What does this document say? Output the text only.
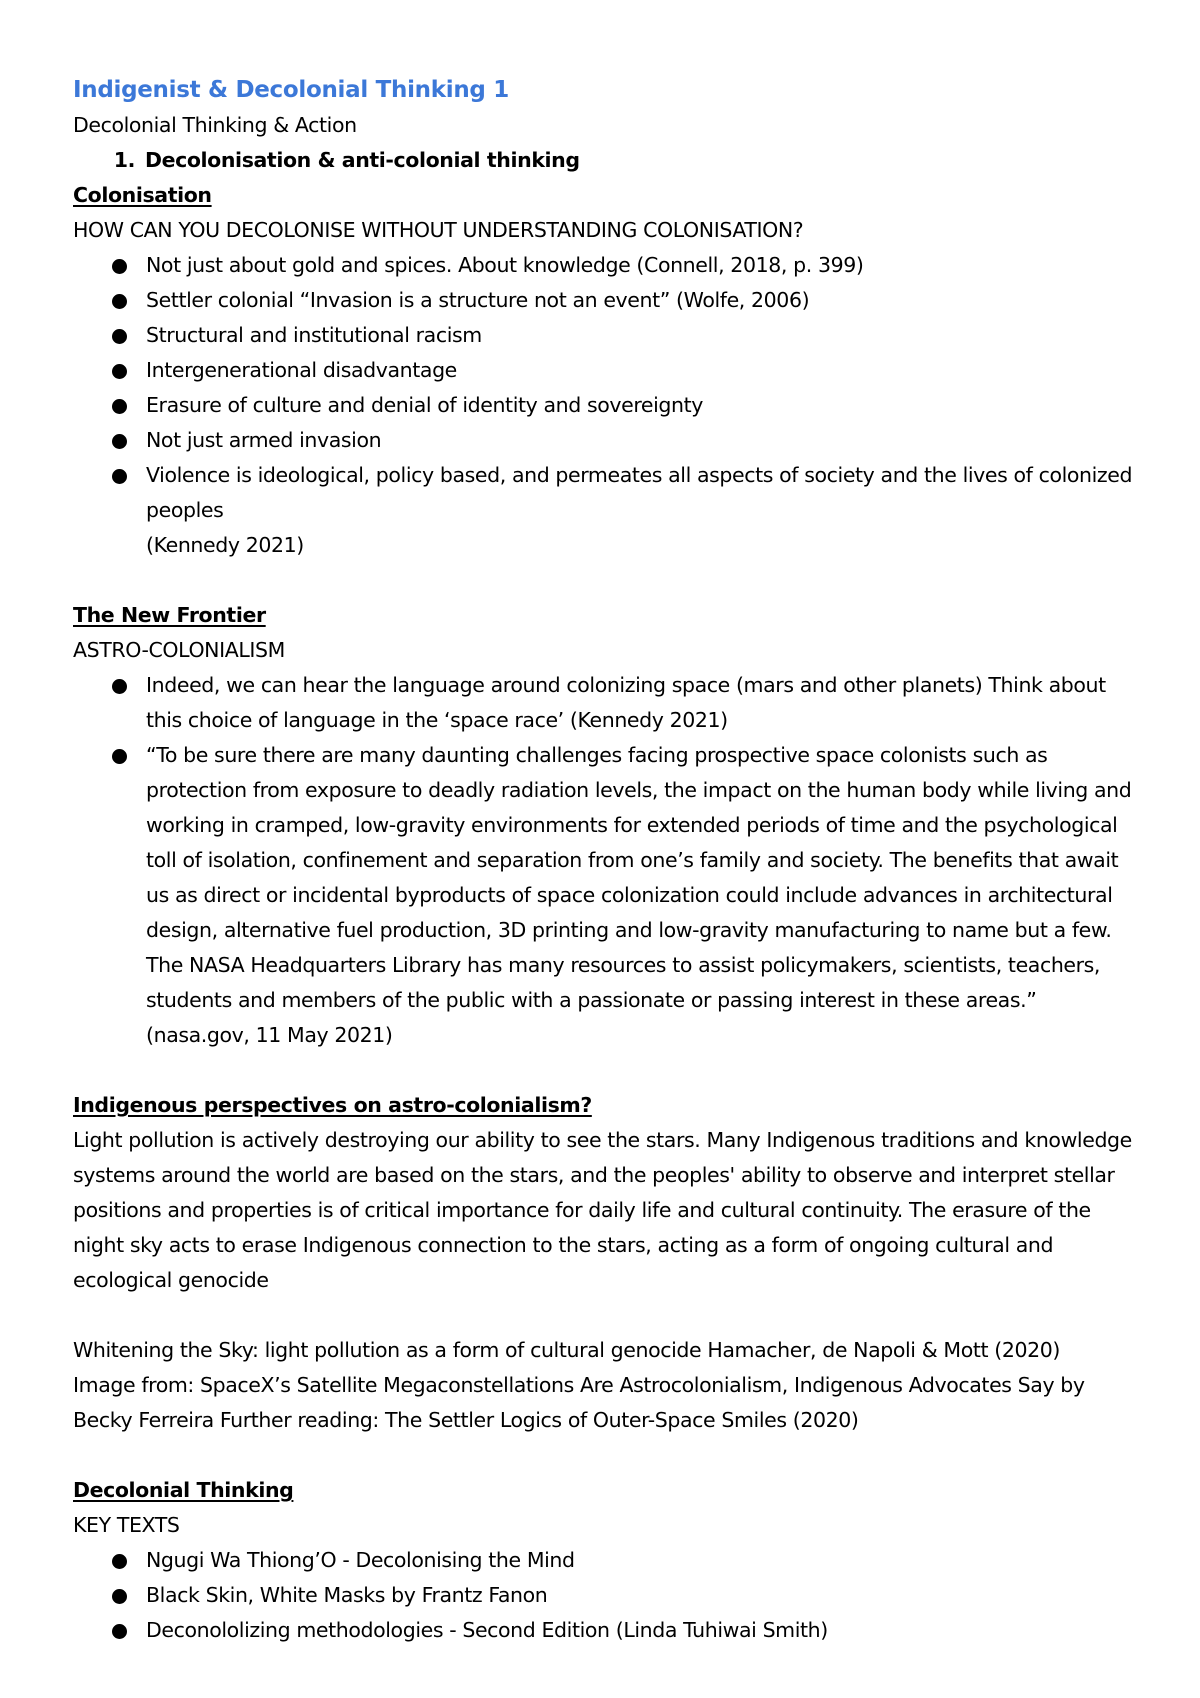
Indigenist & Decolonial Thinking 1

Decolonial Thinking & Action

1. Decolonisation & anti-colonial thinking

Colonisation

HOW CAN YOU DECOLONISE WITHOUT UNDERSTANDING COLONISATION?

Not just about gold and spices. About knowledge (Connell, 2018, p. 399)
Settler colonial “Invasion is a structure not an event” (Wolfe, 2006)
Structural and institutional racism
Intergenerational disadvantage
Erasure of culture and denial of identity and sovereignty
Not just armed invasion
Violence is ideological, policy based, and permeates all aspects of society and the lives of colonized peoples
(Kennedy 2021)

The New Frontier

ASTRO-COLONIALISM

Indeed, we can hear the language around colonizing space (mars and other planets) Think about this choice of language in the ‘space race’ (Kennedy 2021)
“To be sure there are many daunting challenges facing prospective space colonists such as protection from exposure to deadly radiation levels, the impact on the human body while living and working in cramped, low-gravity environments for extended periods of time and the psychological toll of isolation, confinement and separation from one’s family and society. The benefits that await us as direct or incidental byproducts of space colonization could include advances in architectural design, alternative fuel production, 3D printing and low-gravity manufacturing to name but a few. The NASA Headquarters Library has many resources to assist policymakers, scientists, teachers, students and members of the public with a passionate or passing interest in these areas.” (nasa.gov, 11 May 2021)

Indigenous perspectives on astro-colonialism?

Light pollution is actively destroying our ability to see the stars. Many Indigenous traditions and knowledge systems around the world are based on the stars, and the peoples' ability to observe and interpret stellar positions and properties is of critical importance for daily life and cultural continuity. The erasure of the night sky acts to erase Indigenous connection to the stars, acting as a form of ongoing cultural and ecological genocide

Whitening the Sky: light pollution as a form of cultural genocide Hamacher, de Napoli & Mott (2020)

Image from: SpaceX’s Satellite Megaconstellations Are Astrocolonialism, Indigenous Advocates Say by Becky Ferreira Further reading: The Settler Logics of Outer-Space Smiles (2020)

Decolonial Thinking

KEY TEXTS

Ngugi Wa Thiong’O - Decolonising the Mind
Black Skin, White Masks by Frantz Fanon
Deconololizing methodologies - Second Edition (Linda Tuhiwai Smith)
